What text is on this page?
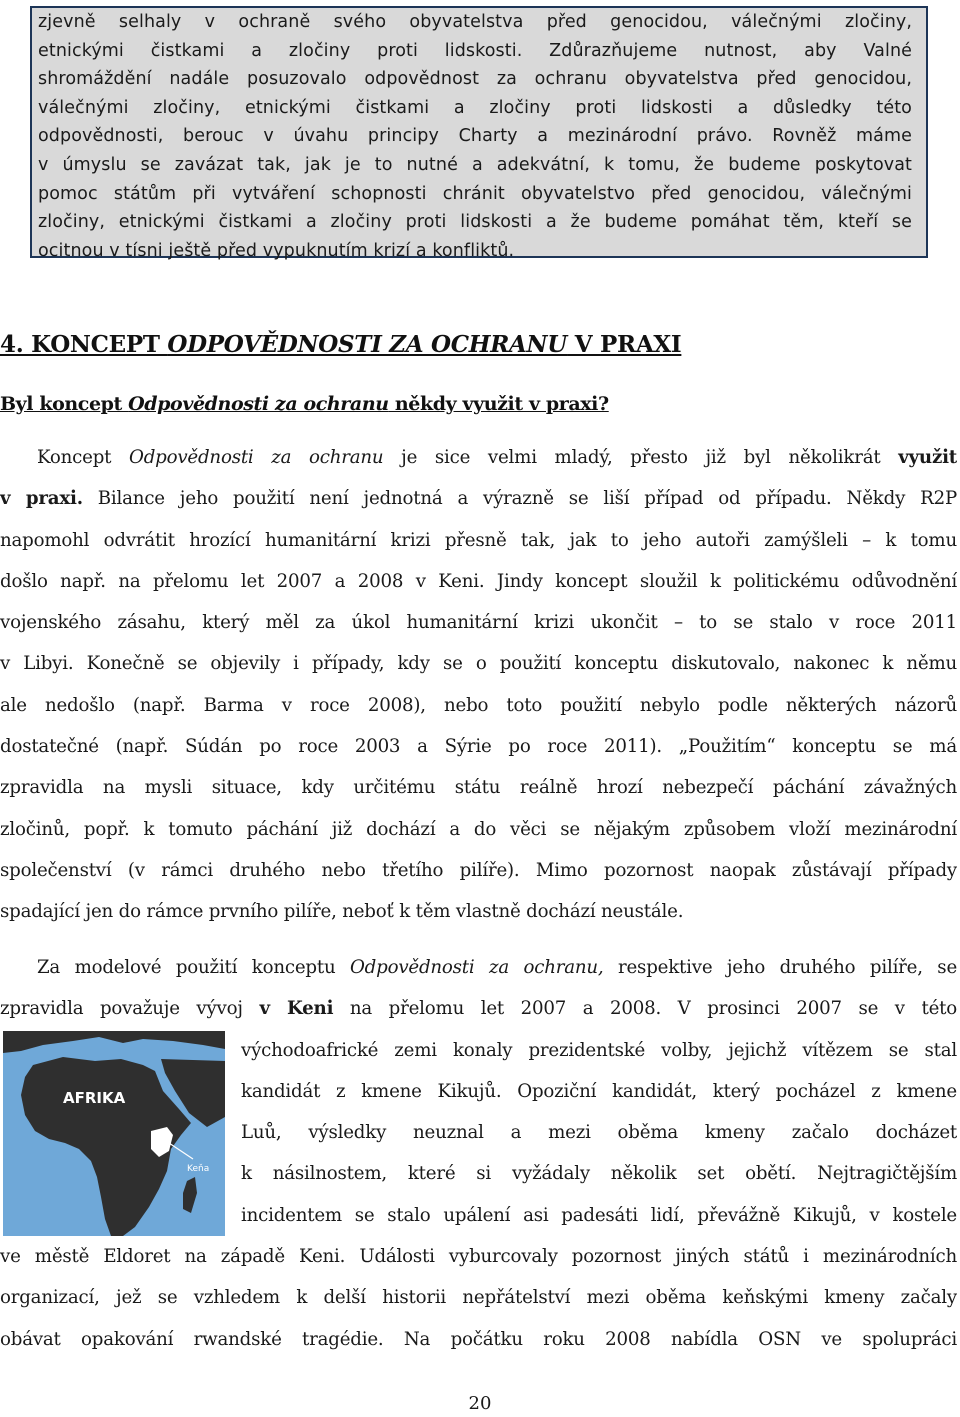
zjevně selhaly v ochraně svého obyvatelstva před genocidou, válečnými zločiny,
etnickými čistkami a zločiny proti lidskosti. Zdůrazňujeme nutnost, aby Valné
shromáždění nadále posuzovalo odpovědnost za ochranu obyvatelstva před genocidou,
válečnými zločiny, etnickými čistkami a zločiny proti lidskosti a důsledky této
odpovědnosti, berouc v úvahu principy Charty a mezinárodní právo. Rovněž máme
v úmyslu se zavázat tak, jak je to nutné a adekvátní, k tomu, že budeme poskytovat
pomoc státům při vytváření schopnosti chránit obyvatelstvo před genocidou, válečnými
zločiny, etnickými čistkami a zločiny proti lidskosti a že budeme pomáhat těm, kteří se
ocitnou v tísni ještě před vypuknutím krizí a konfliktů.

4. KONCEPT ODPOVĚDNOSTI ZA OCHRANU V PRAXI
Byl koncept Odpovědnosti za ochranu někdy využit v praxi?
Koncept Odpovědnosti za ochranu je sice velmi mladý, přesto již byl několikrát využit
v praxi. Bilance jeho použití není jednotná a výrazně se liší případ od případu. Někdy R2P
napomohl odvrátit hrozící humanitární krizi přesně tak, jak to jeho autoři zamýšleli – k tomu
došlo např. na přelomu let 2007 a 2008 v Keni. Jindy koncept sloužil k politickému odůvodnění
vojenského zásahu, který měl za úkol humanitární krizi ukončit – to se stalo v roce 2011
v Libyi. Konečně se objevily i případy, kdy se o použití konceptu diskutovalo, nakonec k němu
ale nedošlo (např. Barma v roce 2008), nebo toto použití nebylo podle některých názorů
dostatečné (např. Súdán po roce 2003 a Sýrie po roce 2011). „Použitím“ konceptu se má
zpravidla na mysli situace, kdy určitému státu reálně hrozí nebezpečí páchání závažných
zločinů, popř. k tomuto páchání již dochází a do věci se nějakým způsobem vloží mezinárodní
společenství (v rámci druhého nebo třetího pilíře). Mimo pozornost naopak zůstávají případy
spadající jen do rámce prvního pilíře, neboť k těm vlastně dochází neustále.
Za modelové použití konceptu Odpovědnosti za ochranu, respektive jeho druhého pilíře, se
zpravidla považuje vývoj v Keni na přelomu let 2007 a 2008. V prosinci 2007 se v této
východoafrické zemi konaly prezidentské volby, jejichž vítězem se stal
kandidát z kmene Kikujů. Opoziční kandidát, který pocházel z kmene
Luů, výsledky neuznal a mezi oběma kmeny začalo docházet
k násilnostem, které si vyžádaly několik set obětí. Nejtragičtějším
incidentem se stalo upálení asi padesáti lidí, převážně Kikujů, v kostele
ve městě Eldoret na západě Keni. Události vyburcovaly pozornost jiných států i mezinárodních
organizací, jež se vzhledem k delší historii nepřátelství mezi oběma keňskými kmeny začaly
obávat opakování rwandské tragédie. Na počátku roku 2008 nabídla OSN ve spolupráci
AFRIKA
Keňa
20
